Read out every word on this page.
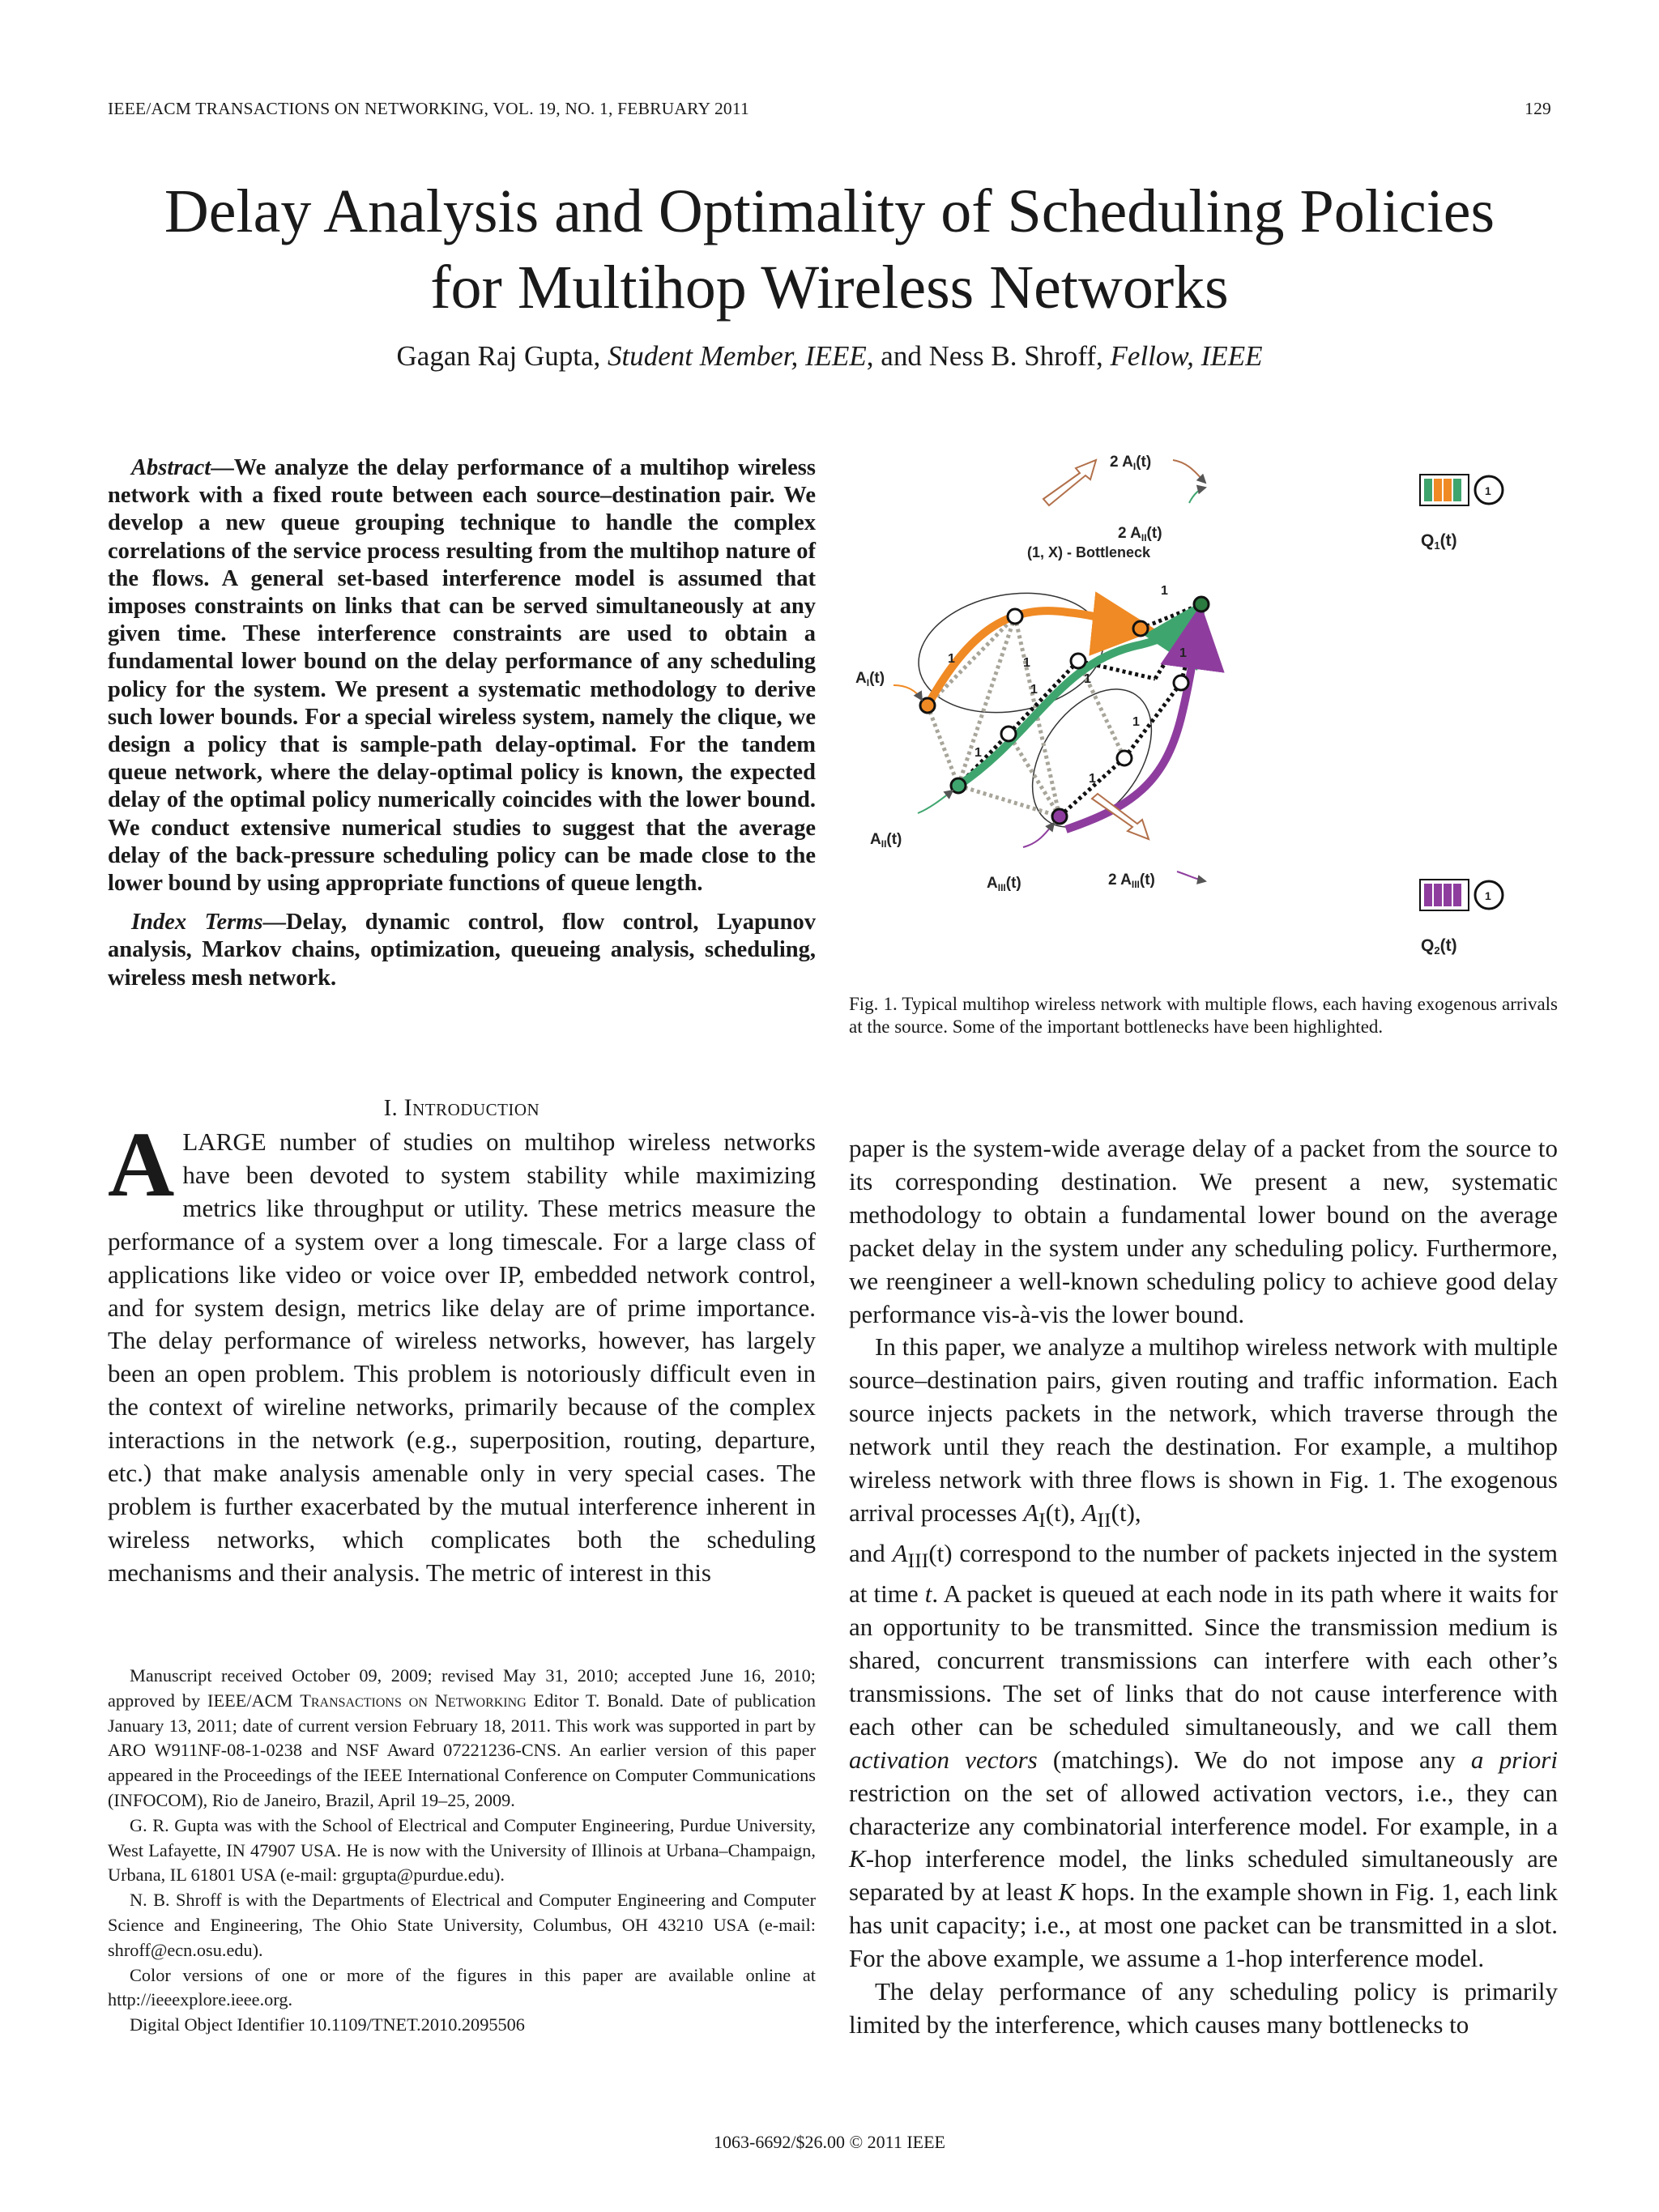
IEEE/ACM TRANSACTIONS ON NETWORKING, VOL. 19, NO. 1, FEBRUARY 2011	129
Delay Analysis and Optimality of Scheduling Policies
for Multihop Wireless Networks
Gagan Raj Gupta, Student Member, IEEE, and Ness B. Shroff, Fellow, IEEE

Abstract—We analyze the delay performance of a multihop wireless network with a fixed route between each source–destination pair. We develop a new queue grouping technique to handle the complex correlations of the service process resulting from the multihop nature of the flows. A general set-based interference model is assumed that imposes constraints on links that can be served simultaneously at any given time. These interference constraints are used to obtain a fundamental lower bound on the delay performance of any scheduling policy for the system. We present a systematic methodology to derive such lower bounds. For a special wireless system, namely the clique, we design a policy that is sample-path delay-optimal. For the tandem queue network, where the delay-optimal policy is known, the expected delay of the optimal policy numerically coincides with the lower bound. We conduct extensive numerical studies to suggest that the average delay of the back-pressure scheduling policy can be made close to the lower bound by using appropriate functions of queue length.

Index Terms—Delay, dynamic control, flow control, Lyapunov analysis, Markov chains, optimization, queueing analysis, scheduling, wireless mesh network.

1	1
1
1
1
1
1
1
1
(1, X) - Bottleneck
$A_I(t)$
$A_{II}(t)$
$A_{III}(t)$
2 $A_I(t)$
2 $A_{II}(t)$
2 $A_{III}(t)$
1
Q1(t)
1
Q2(t)
Fig. 1. Typical multihop wireless network with multiple flows, each having exogenous arrivals at the source. Some of the important bottlenecks have been highlighted.
I. Introduction

ALARGE number of studies on multihop wireless networks have been devoted to system stability while maximizing metrics like throughput or utility. These metrics measure the performance of a system over a long timescale. For a large class of applications like video or voice over IP, embedded network control, and for system design, metrics like delay are of prime importance. The delay performance of wireless networks, however, has largely been an open problem. This problem is notoriously difficult even in the context of wireline networks, primarily because of the complex interactions in the network (e.g., superposition, routing, departure, etc.) that make analysis amenable only in very special cases. The problem is further exacerbated by the mutual interference inherent in wireless networks, which complicates both the scheduling mechanisms and their analysis. The metric of interest in this

paper is the system-wide average delay of a packet from the source to its corresponding destination. We present a new, systematic methodology to obtain a fundamental lower bound on the average packet delay in the system under any scheduling policy. Furthermore, we reengineer a well-known scheduling policy to achieve good delay performance vis-à-vis the lower bound.

In this paper, we analyze a multihop wireless network with multiple source–destination pairs, given routing and traffic information. Each source injects packets in the network, which traverse through the network until they reach the destination. For example, a multihop wireless network with three flows is shown in Fig. 1. The exogenous arrival processes $A_I(t)$, $A_{II}(t)$,
and $A_{III}(t)$ correspond to the number of packets injected in the system at time t. A packet is queued at each node in its path where it waits for an opportunity to be transmitted. Since the transmission medium is shared, concurrent transmissions can interfere with each other’s transmissions. The set of links that do not cause interference with each other can be scheduled simultaneously, and we call them activation vectors (matchings). We do not impose any a priori restriction on the set of allowed activation vectors, i.e., they can characterize any combinatorial interference model. For example, in a K-hop interference model, the links scheduled simultaneously are separated by at least K hops. In the example shown in Fig. 1, each link has unit capacity; i.e., at most one packet can be transmitted in a slot. For the above example, we assume a 1-hop interference model.

The delay performance of any scheduling policy is primarily limited by the interference, which causes many bottlenecks to

Manuscript received October 09, 2009; revised May 31, 2010; accepted June 16, 2010; approved by IEEE/ACM Transactions on Networking Editor T. Bonald. Date of publication January 13, 2011; date of current version February 18, 2011. This work was supported in part by ARO W911NF-08-1-0238 and NSF Award 07221236-CNS. An earlier version of this paper appeared in the Proceedings of the IEEE International Conference on Computer Communications (INFOCOM), Rio de Janeiro, Brazil, April 19–25, 2009.

G. R. Gupta was with the School of Electrical and Computer Engineering, Purdue University, West Lafayette, IN 47907 USA. He is now with the University of Illinois at Urbana–Champaign, Urbana, IL 61801 USA (e-mail: grgupta@purdue.edu).

N. B. Shroff is with the Departments of Electrical and Computer Engineering and Computer Science and Engineering, The Ohio State University, Columbus, OH 43210 USA (e-mail: shroff@ecn.osu.edu).

Color versions of one or more of the figures in this paper are available online at http://ieeexplore.ieee.org.

Digital Object Identifier 10.1109/TNET.2010.2095506

1063-6692/$26.00 © 2011 IEEE
